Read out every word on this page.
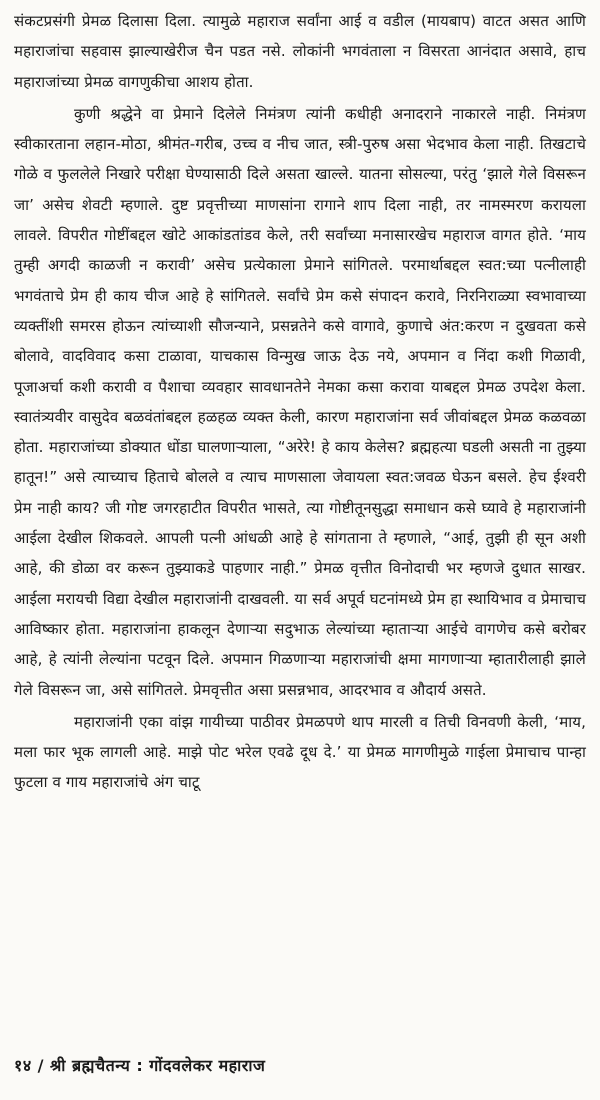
संकटप्रसंगी प्रेमळ दिलासा दिला. त्यामुळे महाराज सर्वांना आई व वडील (मायबाप) वाटत असत आणि महाराजांचा सहवास झाल्याखेरीज चैन पडत नसे. लोकांनी भगवंताला न विसरता आनंदात असावे, हाच महाराजांच्या प्रेमळ वागणुकीचा आशय होता.

कुणी श्रद्धेने वा प्रेमाने दिलेले निमंत्रण त्यांनी कधीही अनादराने नाकारले नाही. निमंत्रण स्वीकारताना लहान-मोठा, श्रीमंत-गरीब, उच्च व नीच जात, स्त्री-पुरुष असा भेदभाव केला नाही. तिखटाचे गोळे व फुललेले निखारे परीक्षा घेण्यासाठी दिले असता खाल्ले. यातना सोसल्या, परंतु ‘झाले गेले विसरून जा’ असेच शेवटी म्हणाले. दुष्ट प्रवृत्तीच्या माणसांना रागाने शाप दिला नाही, तर नामस्मरण करायला लावले. विपरीत गोष्टींबद्दल खोटे आकांडतांडव केले, तरी सर्वांच्या मनासारखेच महाराज वागत होते. ‘माय तुम्ही अगदी काळजी न करावी’ असेच प्रत्येकाला प्रेमाने सांगितले. परमार्थाबद्दल स्वत:च्या पत्नीलाही भगवंताचे प्रेम ही काय चीज आहे हे सांगितले. सर्वांचे प्रेम कसे संपादन करावे, निरनिराळ्या स्वभावाच्या व्यक्तींशी समरस होऊन त्यांच्याशी सौजन्याने, प्रसन्नतेने कसे वागावे, कुणाचे अंत:करण न दुखवता कसे बोलावे, वादविवाद कसा टाळावा, याचकास विन्मुख जाऊ देऊ नये, अपमान व निंदा कशी गिळावी, पूजाअर्चा कशी करावी व पैशाचा व्यवहार सावधानतेने नेमका कसा करावा याबद्दल प्रेमळ उपदेश केला. स्वातंत्र्यवीर वासुदेव बळवंतांबद्दल हळहळ व्यक्त केली, कारण महाराजांना सर्व जीवांबद्दल प्रेमळ कळवळा होता. महाराजांच्या डोक्यात धोंडा घालणाऱ्याला, “अरेरे! हे काय केलेस? ब्रह्महत्या घडली असती ना तुझ्या हातून!” असे त्याच्याच हिताचे बोलले व त्याच माणसाला जेवायला स्वत:जवळ घेऊन बसले. हेच ईश्वरी प्रेम नाही काय? जी गोष्ट जगरहाटीत विपरीत भासते, त्या गोष्टीतूनसुद्धा समाधान कसे घ्यावे हे महाराजांनी आईला देखील शिकवले. आपली पत्नी आंधळी आहे हे सांगताना ते म्हणाले, “आई, तुझी ही सून अशी आहे, की डोळा वर करून तुझ्याकडे पाहणार नाही.” प्रेमळ वृत्तीत विनोदाची भर म्हणजे दुधात साखर. आईला मरायची विद्या देखील महाराजांनी दाखवली. या सर्व अपूर्व घटनांमध्ये प्रेम हा स्थायिभाव व प्रेमाचाच आविष्कार होता. महाराजांना हाकलून देणाऱ्या सदुभाऊ लेल्यांच्या म्हाताऱ्या आईचे वागणेच कसे बरोबर आहे, हे त्यांनी लेल्यांना पटवून दिले. अपमान गिळणाऱ्या महाराजांची क्षमा मागणाऱ्या म्हातारीलाही झाले गेले विसरून जा, असे सांगितले. प्रेमवृत्तीत असा प्रसन्नभाव, आदरभाव व औदार्य असते.

महाराजांनी एका वांझ गायीच्या पाठीवर प्रेमळपणे थाप मारली व तिची विनवणी केली, ‘माय, मला फार भूक लागली आहे. माझे पोट भरेल एवढे दूध दे.’ या प्रेमळ मागणीमुळे गाईला प्रेमाचाच पान्हा फुटला व गाय महाराजांचे अंग चाटू

१४ / श्री ब्रह्मचैतन्य : गोंदवलेकर महाराज
